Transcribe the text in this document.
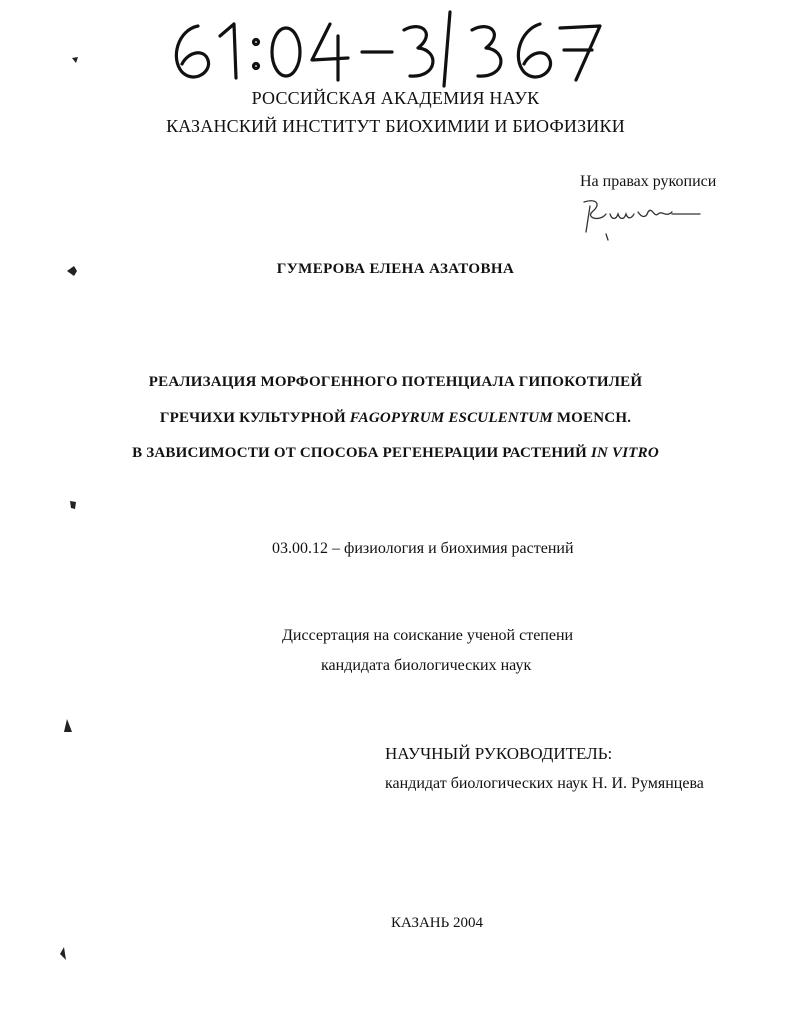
РОССИЙСКАЯ АКАДЕМИЯ НАУК
КАЗАНСКИЙ ИНСТИТУТ БИОХИМИИ И БИОФИЗИКИ
На правах рукописи
ГУМЕРОВА ЕЛЕНА АЗАТОВНА
РЕАЛИЗАЦИЯ МОРФОГЕННОГО ПОТЕНЦИАЛА ГИПОКОТИЛЕЙ
ГРЕЧИХИ КУЛЬТУРНОЙ FAGOPYRUM ESCULENTUM MOENCH.
В ЗАВИСИМОСТИ ОТ СПОСОБА РЕГЕНЕРАЦИИ РАСТЕНИЙ IN VITRO
03.00.12 – физиология и биохимия растений
Диссертация на соискание ученой степени
кандидата биологических наук
НАУЧНЫЙ РУКОВОДИТЕЛЬ:
кандидат биологических наук Н. И. Румянцева
КАЗАНЬ 2004
